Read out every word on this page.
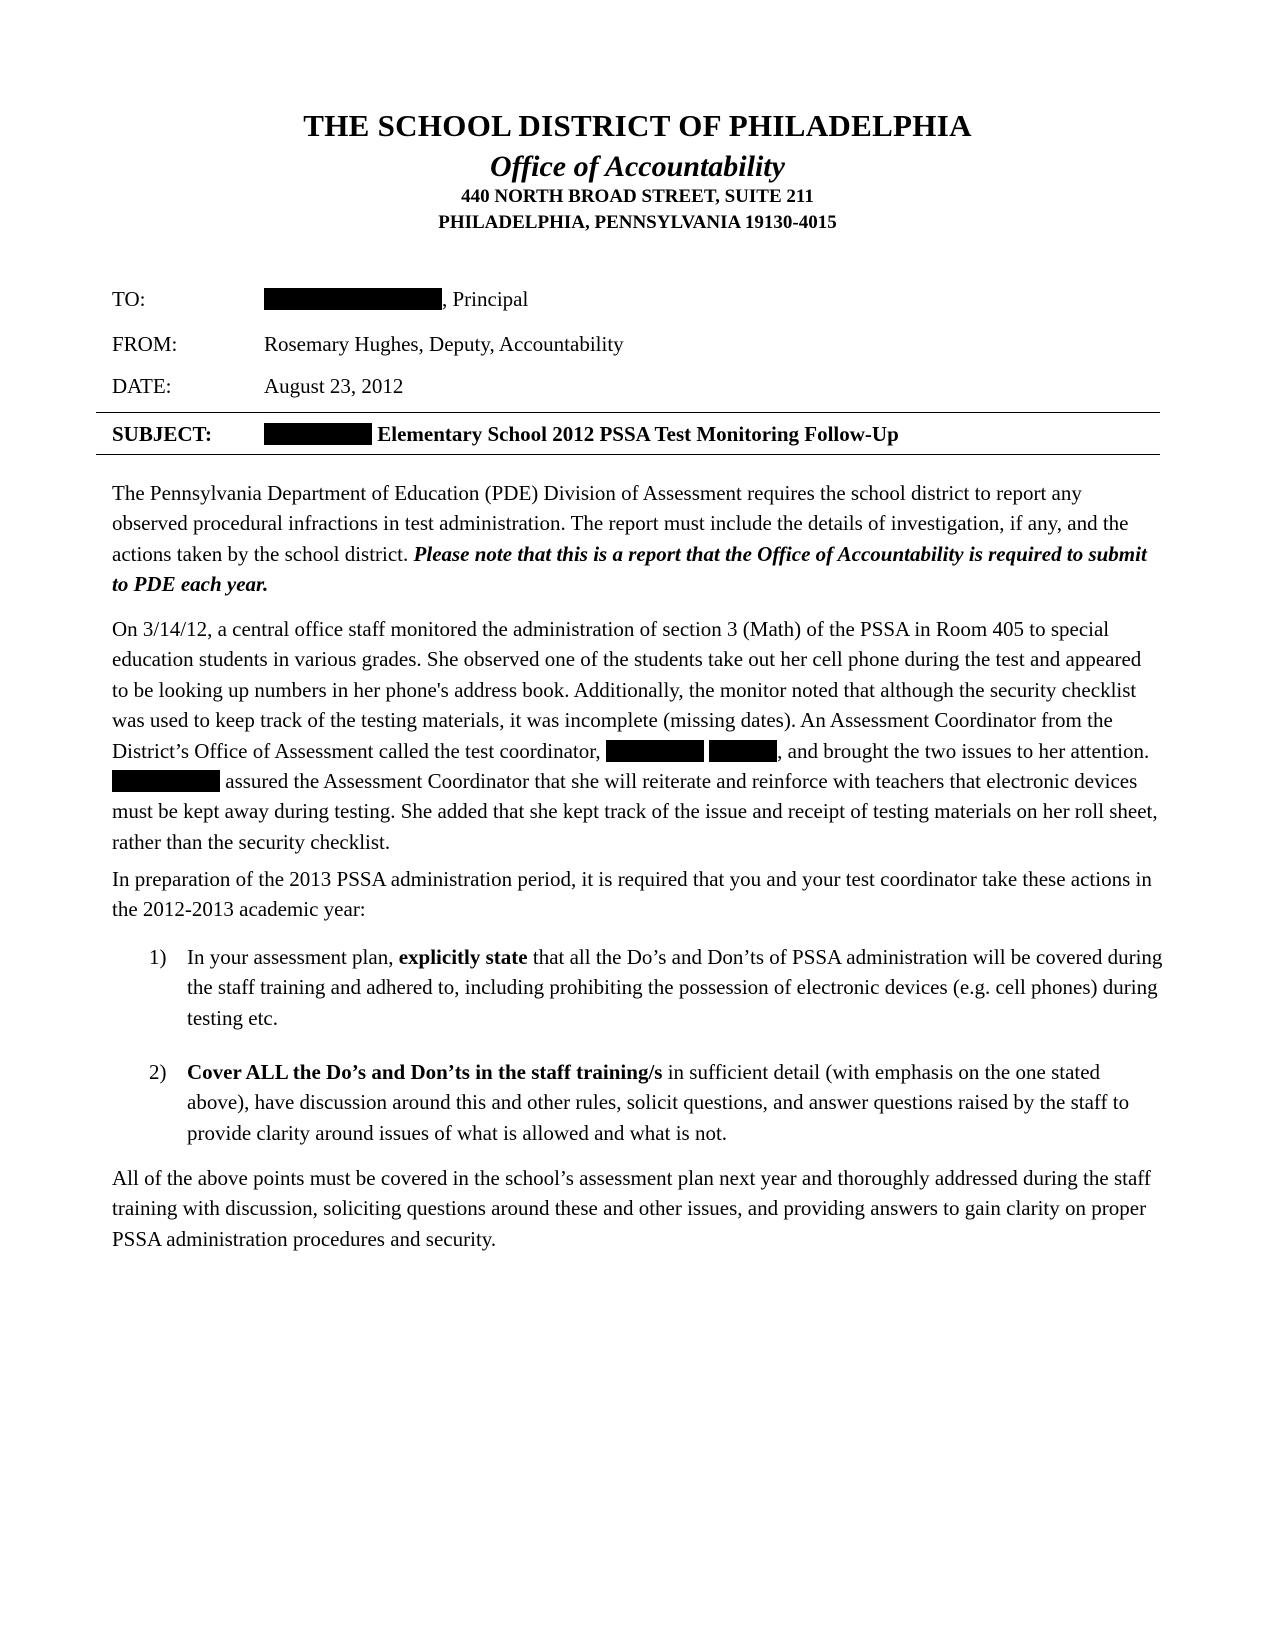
THE SCHOOL DISTRICT OF PHILADELPHIA
Office of Accountability
440 NORTH BROAD STREET, SUITE 211
PHILADELPHIA, PENNSYLVANIA 19130-4015
TO:	, Principal
FROM:	Rosemary Hughes, Deputy, Accountability
DATE:	August 23, 2012
SUBJECT:	Elementary School 2012 PSSA Test Monitoring Follow-Up
The Pennsylvania Department of Education (PDE) Division of Assessment requires the school district to report any observed procedural infractions in test administration. The report must include the details of investigation, if any, and the actions taken by the school district. Please note that this is a report that the Office of Accountability is required to submit to PDE each year.
On 3/14/12, a central office staff monitored the administration of section 3 (Math) of the PSSA in Room 405 to special education students in various grades. She observed one of the students take out her cell phone during the test and appeared to be looking up numbers in her phone's address book. Additionally, the monitor noted that although the security checklist was used to keep track of the testing materials, it was incomplete (missing dates). An Assessment Coordinator from the District’s Office of Assessment called the test coordinator,	, and brought the two issues to her attention.  assured the Assessment Coordinator that she will reiterate and reinforce with teachers that electronic devices must be kept away during testing. She added that she kept track of the issue and receipt of testing materials on her roll sheet, rather than the security checklist.
In preparation of the 2013 PSSA administration period, it is required that you and your test coordinator take these actions in the 2012-2013 academic year:
1) In your assessment plan, explicitly state that all the Do’s and Don’ts of PSSA administration will be covered during the staff training and adhered to, including prohibiting the possession of electronic devices (e.g. cell phones) during testing etc.
2) Cover ALL the Do’s and Don’ts in the staff training/s in sufficient detail (with emphasis on the one stated above), have discussion around this and other rules, solicit questions, and answer questions raised by the staff to provide clarity around issues of what is allowed and what is not.
All of the above points must be covered in the school’s assessment plan next year and thoroughly addressed during the staff training with discussion, soliciting questions around these and other issues, and providing answers to gain clarity on proper PSSA administration procedures and security.
